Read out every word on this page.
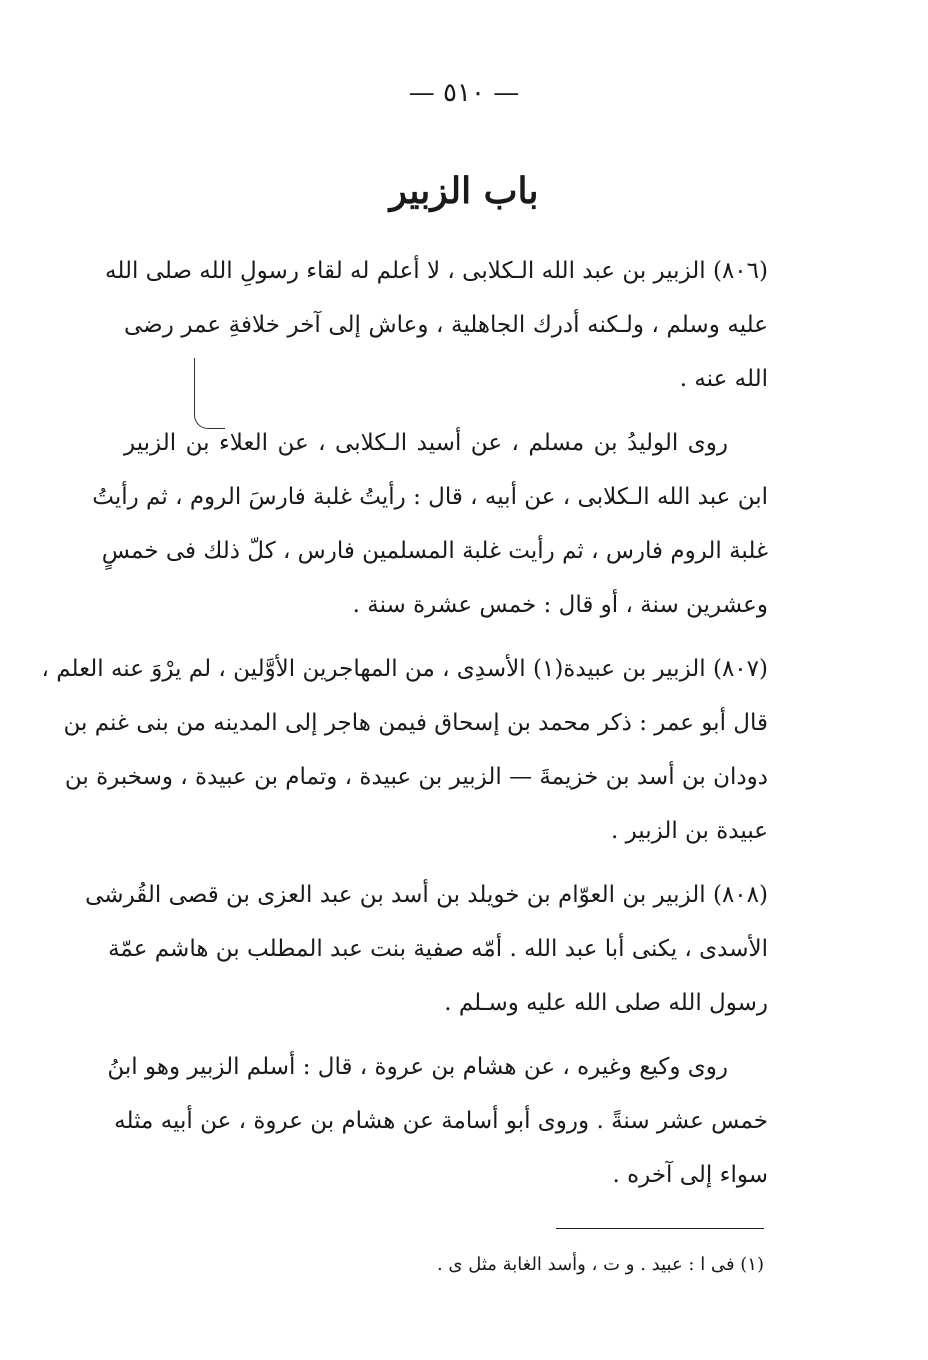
— ٥١٠ —
باب الزبير
(٨٠٦) الزبير بن عبد الله الـكلابى ، لا أعلم له لقاء رسولِ الله صلى الله
عليه وسلم ، ولـكنه أدرك الجاهلية ، وعاش إلى آخر خلافةِ عمر رضى
الله عنه .
روى الوليدُ بن مسلم ، عن أسيد الـكلابى ، عن العلاء بن الزبير
ابن عبد الله الـكلابى ، عن أبيه ، قال : رأيتُ غلبة فارسَ الروم ، ثم رأيتُ
غلبة الروم فارس ، ثم رأيت غلبة المسلمين فارس ، كلّ ذلك فى خمسٍ
وعشرين سنة ، أو قال : خمس عشرة سنة .
(٨٠٧) الزبير بن عبيدة(١) الأسدِى ، من المهاجرين الأوَّلين ، لم يرْوَ عنه العلم ،
قال أبو عمر : ذكر محمد بن إسحاق فيمن هاجر إلى المدينه من بنى غنم بن
دودان بن أسد بن خزيمةَ — الزبير بن عبيدة ، وتمام بن عبيدة ، وسخبرة بن
عبيدة بن الزبير .
(٨٠٨) الزبير بن العوّام بن خويلد بن أسد بن عبد العزى بن قصى القُرشى
الأسدى ، يكنى أبا عبد الله . أمّه صفية بنت عبد المطلب بن هاشم عمّة
رسول الله صلى الله عليه وسـلم .
روى وكيع وغيره ، عن هشام بن عروة ، قال : أسلم الزبير وهو ابنُ
خمس عشر سنةً . وروى أبو أسامة عن هشام بن عروة ، عن أبيه مثله
سواء إلى آخره .
(١) فى ا : عبيد . و ت ، وأسد الغابة مثل ى .
